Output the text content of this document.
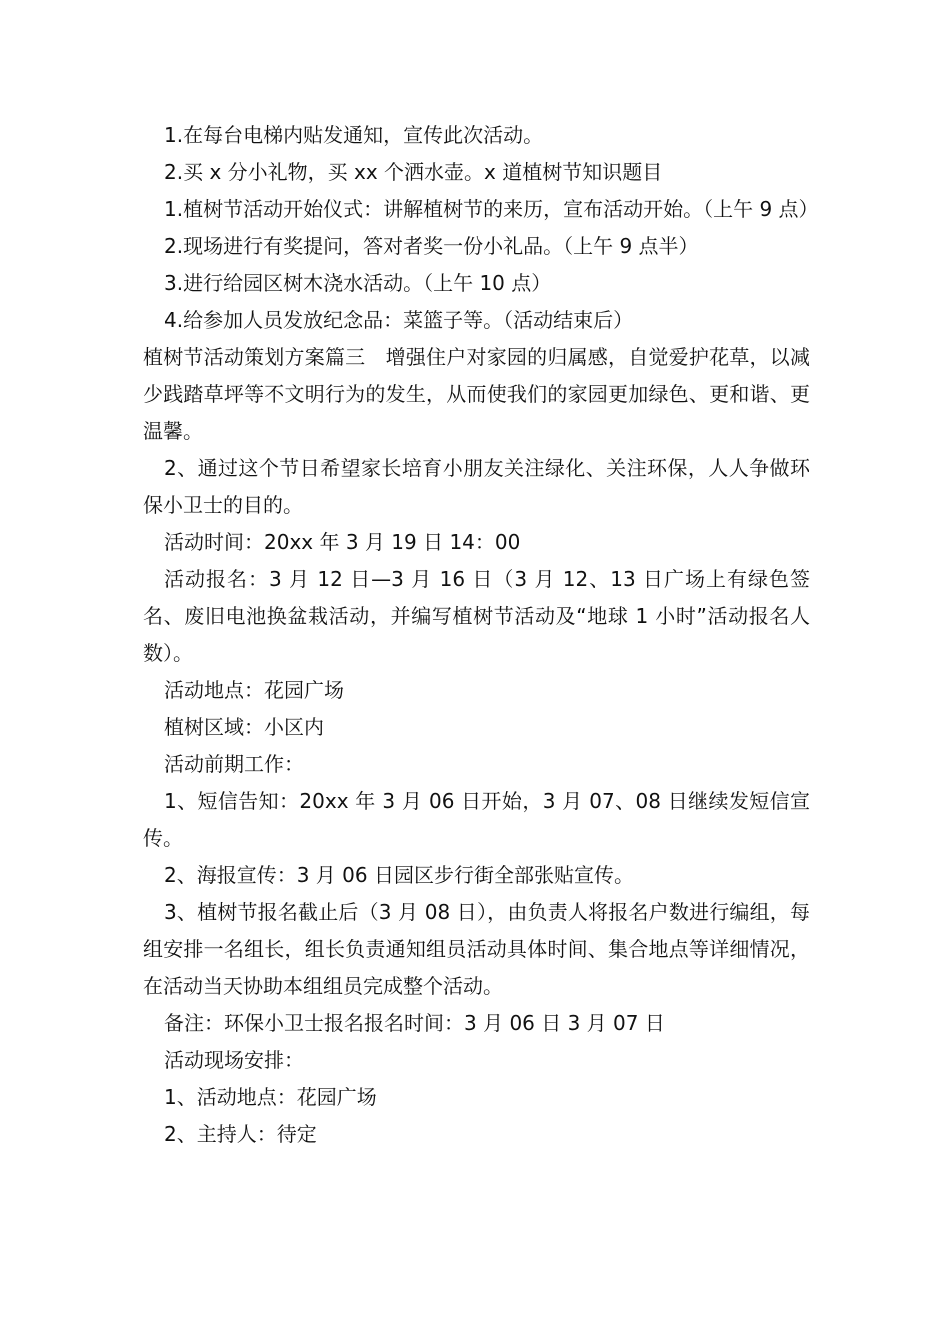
1.在每台电梯内贴发通知，宣传此次活动。

2.买 x 分小礼物，买 xx 个洒水壶。x 道植树节知识题目

1.植树节活动开始仪式：讲解植树节的来历，宣布活动开始。（上午 9 点）

2.现场进行有奖提问，答对者奖一份小礼品。（上午 9 点半）

3.进行给园区树木浇水活动。（上午 10 点）

4.给参加人员发放纪念品：菜篮子等。（活动结束后）

植树节活动策划方案篇三　增强住户对家园的归属感，自觉爱护花草，以减少践踏草坪等不文明行为的发生，从而使我们的家园更加绿色、更和谐、更温馨。

2、通过这个节日希望家长培育小朋友关注绿化、关注环保，人人争做环保小卫士的目的。

活动时间：20xx 年 3 月 19 日 14：00

活动报名：3 月 12 日—3 月 16 日（3 月 12、13 日广场上有绿色签名、废旧电池换盆栽活动，并编写植树节活动及“地球 1 小时”活动报名人数）。

活动地点：花园广场

植树区域：小区内

活动前期工作：

1、短信告知：20xx 年 3 月 06 日开始，3 月 07、08 日继续发短信宣传。

2、海报宣传：3 月 06 日园区步行街全部张贴宣传。

3、植树节报名截止后（3 月 08 日），由负责人将报名户数进行编组，每组安排一名组长，组长负责通知组员活动具体时间、集合地点等详细情况，在活动当天协助本组组员完成整个活动。

备注：环保小卫士报名报名时间：3 月 06 日 3 月 07 日

活动现场安排：

1、活动地点：花园广场

2、主持人：待定
